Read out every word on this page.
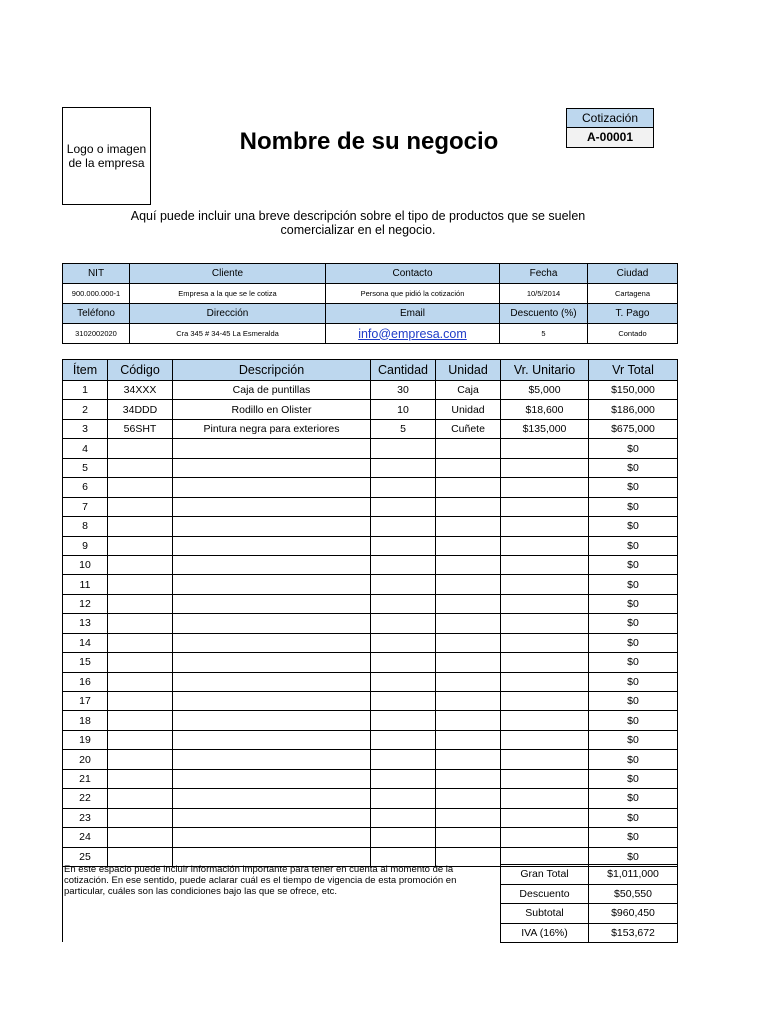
Logo o imagen de la empresa
Nombre de su negocio
Cotización
A-00001
Aquí puede incluir una breve descripción sobre el tipo de productos que se suelen comercializar en el negocio.
NIT	Cliente	Contacto	Fecha	Ciudad
900.000.000-1	Empresa a la que se le cotiza	Persona que pidió la cotización	10/5/2014	Cartagena
Teléfono	Dirección	Email	Descuento (%)	T. Pago
3102002020	Cra 345 # 34-45 La Esmeralda	info@empresa.com	5	Contado
Ítem	Código	Descripción	Cantidad	Unidad	Vr. Unitario	Vr Total
1	34XXX	Caja de puntillas	30	Caja	$5,000	$150,000
2	34DDD	Rodillo en Olister	10	Unidad	$18,600	$186,000
3	56SHT	Pintura negra para exteriores	5	Cuñete	$135,000	$675,000
4						$0
5						$0
6						$0
7						$0
8						$0
9						$0
10						$0
11						$0
12						$0
13						$0
14						$0
15						$0
16						$0
17						$0
18						$0
19						$0
20						$0
21						$0
22						$0
23						$0
24						$0
25						$0
En este espacio puede incluir información importante para tener en cuenta al momento de la cotización. En ese sentido, puede aclarar cuál es el tiempo de vigencia de esta promoción en particular, cuáles son las condiciones bajo las que se ofrece, etc.
Gran Total	$1,011,000
Descuento	$50,550
Subtotal	$960,450
IVA (16%)	$153,672
